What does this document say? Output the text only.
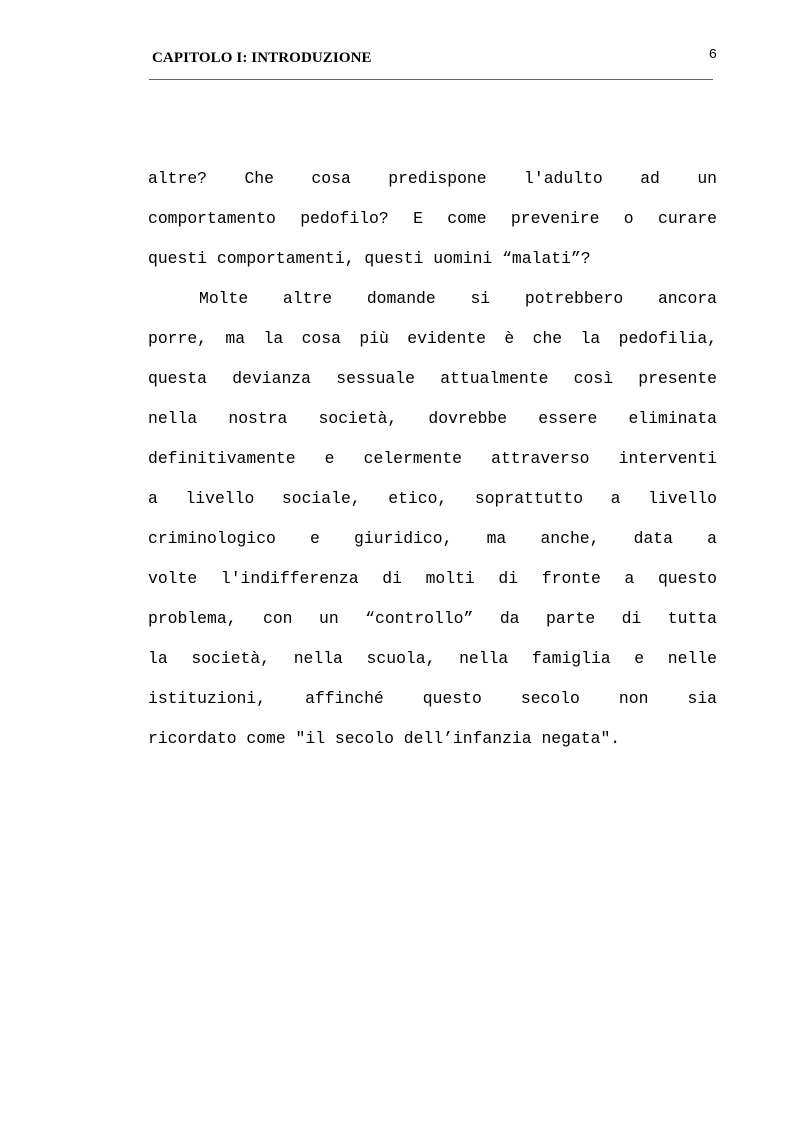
CAPITOLO I: INTRODUZIONE	6
altre? Che cosa predispone l'adulto ad un
comportamento pedofilo? E come prevenire o curare
questi comportamenti, questi uomini “malati”?
Molte altre domande si potrebbero ancora
porre, ma la cosa più evidente è che la pedofilia,
questa devianza sessuale attualmente così presente
nella nostra società, dovrebbe essere eliminata
definitivamente e celermente attraverso interventi
a livello sociale, etico, soprattutto a livello
criminologico e giuridico, ma anche, data a
volte l'indifferenza di molti di fronte a questo
problema, con un “controllo” da parte di tutta
la società, nella scuola, nella famiglia e nelle
istituzioni, affinché questo secolo non sia
ricordato come "il secolo dell’infanzia negata".
